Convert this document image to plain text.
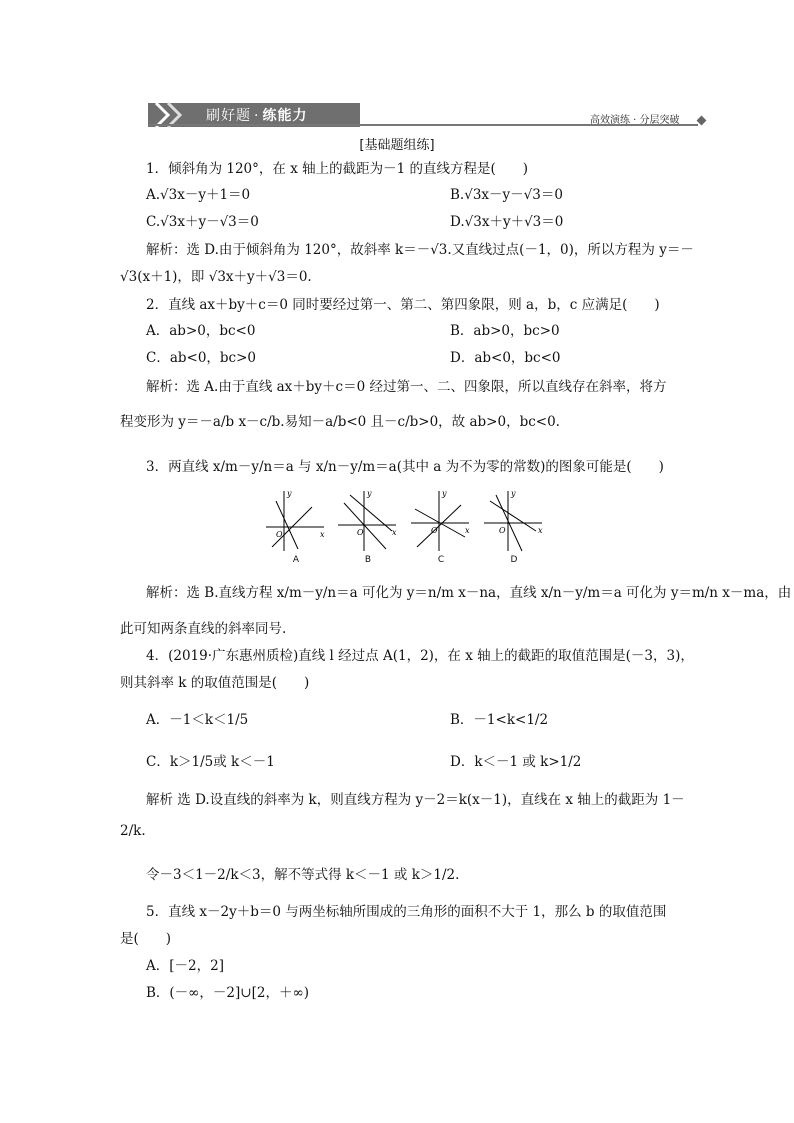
刷好题 · 练能力	高效演练 · 分层突破
[基础题组练]
1．倾斜角为 120°，在 x 轴上的截距为－1 的直线方程是(　　)
A.√3x－y＋1＝0	B.√3x－y－√3＝0
C.√3x＋y－√3＝0	D.√3x＋y＋√3＝0
解析：选 D.由于倾斜角为 120°，故斜率 k＝－√3.又直线过点(－1，0)，所以方程为 y＝－
√3(x＋1)，即 √3x＋y＋√3＝0.
2．直线 ax＋by＋c＝0 同时要经过第一、第二、第四象限，则 a，b，c 应满足(　　)
A．ab>0，bc<0	B．ab>0，bc>0
C．ab<0，bc>0	D．ab<0，bc<0
解析：选 A.由于直线 ax＋by＋c＝0 经过第一、二、四象限，所以直线存在斜率，将方
程变形为 y＝－a/b x－c/b.易知－a/b<0 且－c/b>0，故 ab>0，bc<0.
3．两直线 x/m－y/n＝a 与 x/n－y/m＝a(其中 a 为不为零的常数)的图象可能是(　　)
x
y
O
A
x
y
O
B
x
y
O
C
x
y
O
D
解析：选 B.直线方程 x/m－y/n＝a 可化为 y＝n/m x－na，直线 x/n－y/m＝a 可化为 y＝m/n x－ma，由
此可知两条直线的斜率同号.
4．(2019·广东惠州质检)直线 l 经过点 A(1，2)，在 x 轴上的截距的取值范围是(－3，3)，
则其斜率 k 的取值范围是(　　)
A．－1＜k＜1/5	B．－1<k<1/2
C．k＞1/5或 k＜－1	D．k＜－1 或 k>1/2
解析 选 D.设直线的斜率为 k，则直线方程为 y－2＝k(x－1)，直线在 x 轴上的截距为 1－
2/k.
令－3＜1－2/k＜3，解不等式得 k＜－1 或 k＞1/2.
5．直线 x－2y＋b＝0 与两坐标轴所围成的三角形的面积不大于 1，那么 b 的取值范围
是(　　)
A．[－2，2]
B．(－∞，－2]∪[2，＋∞)
